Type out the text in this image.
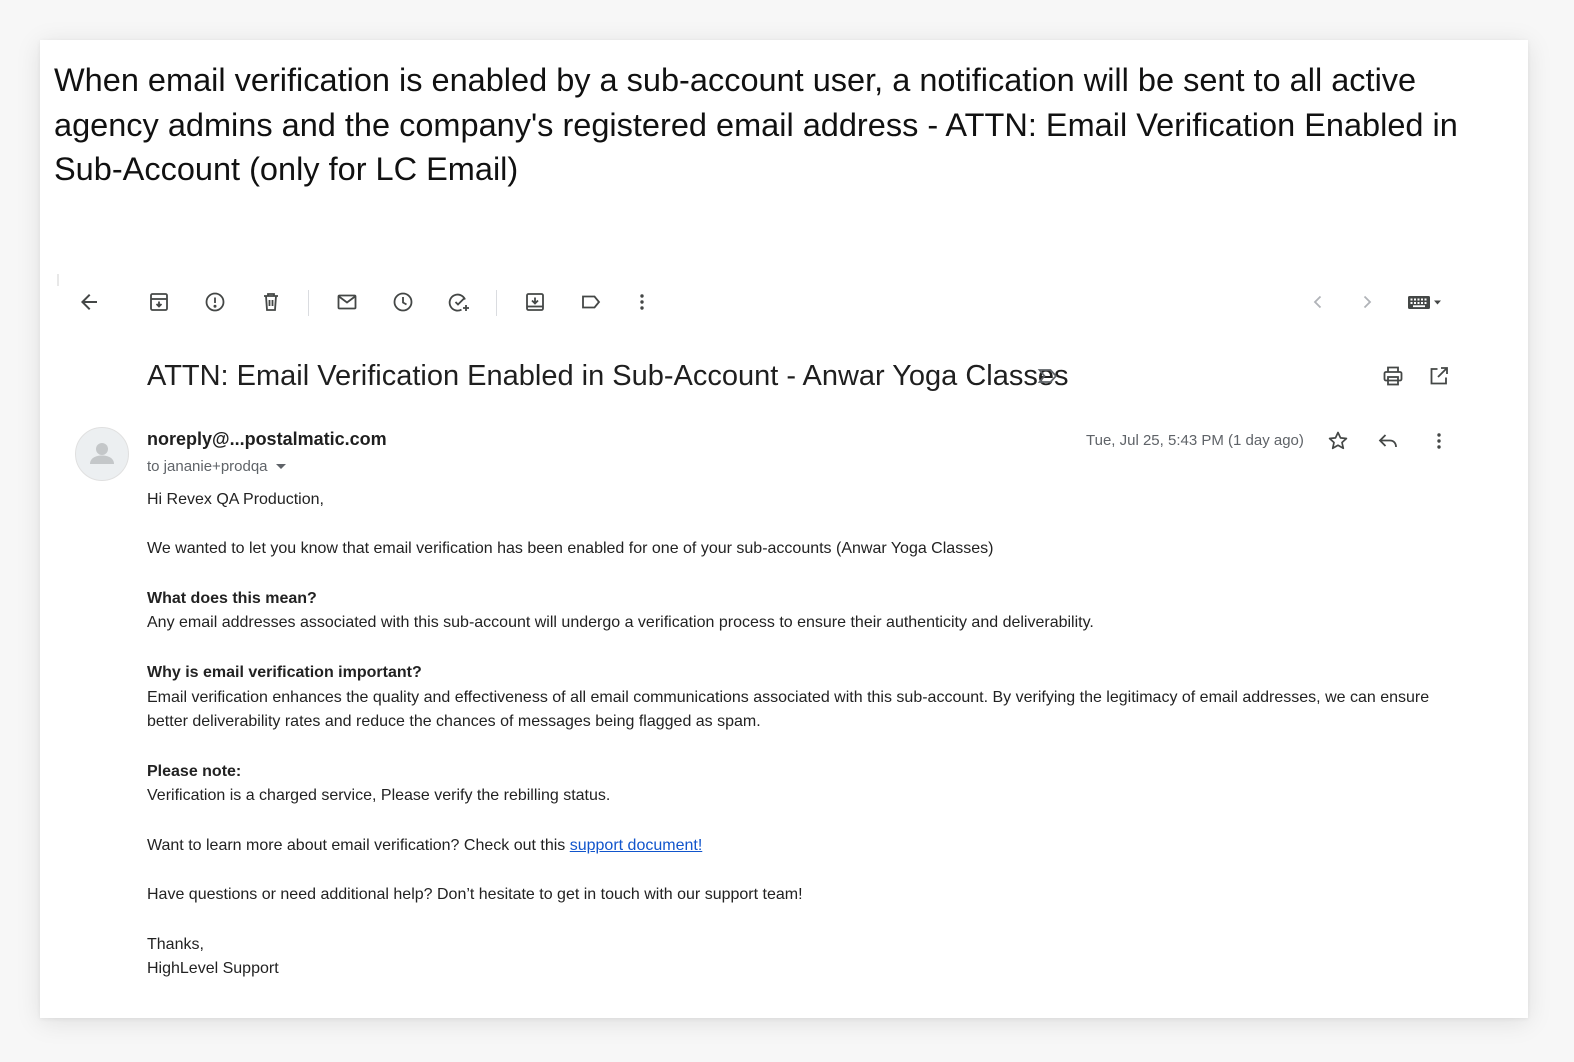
When email verification is enabled by a sub-account user, a notification will be sent to all active agency admins and the company's registered email address - ATTN: Email Verification Enabled in Sub-Account (only for LC Email)
ATTN: Email Verification Enabled in Sub-Account - Anwar Yoga Classes
noreply@...postalmatic.com
to jananie+prodqa
Tue, Jul 25, 5:43 PM (1 day ago)

Hi Revex QA Production,

We wanted to let you know that email verification has been enabled for one of your sub-accounts (Anwar Yoga Classes)

What does this mean?
Any email addresses associated with this sub-account will undergo a verification process to ensure their authenticity and deliverability.

Why is email verification important?
Email verification enhances the quality and effectiveness of all email communications associated with this sub-account. By verifying the legitimacy of email addresses, we can ensure better deliverability rates and reduce the chances of messages being flagged as spam.

Please note:
Verification is a charged service, Please verify the rebilling status.

Want to learn more about email verification? Check out this support document!

Have questions or need additional help? Don’t hesitate to get in touch with our support team!

Thanks,
HighLevel Support
